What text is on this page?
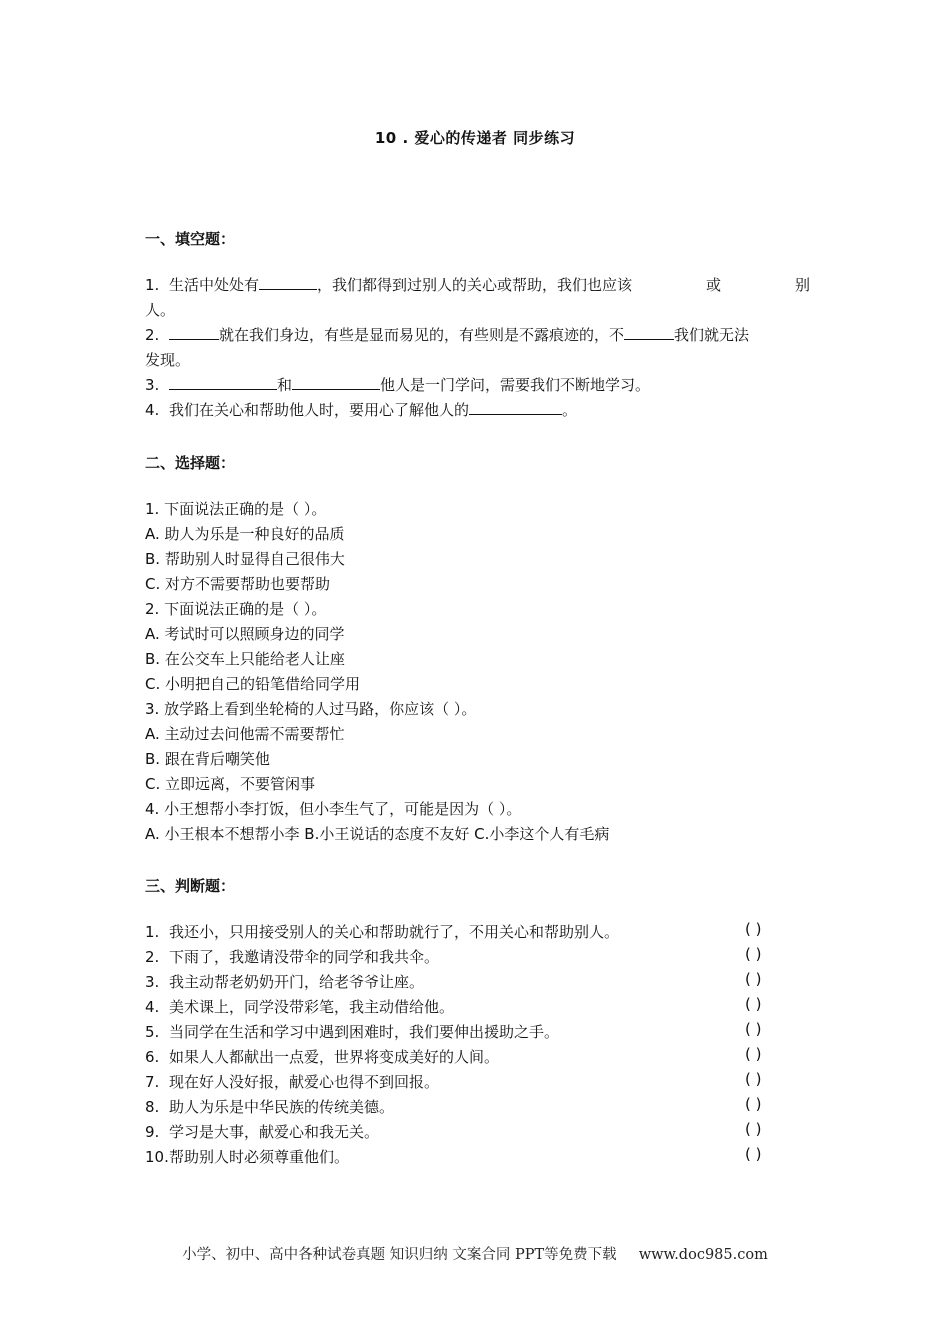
10 . 爱心的传递者 同步练习
一、填空题：
1. 生活中处处有	，我们都得到过别人的关心或帮助，我们也应该	或	别
人。
2.	就在我们身边，有些是显而易见的，有些则是不露痕迹的，不	我们就无法
发现。
3.	和	他人是一门学问，需要我们不断地学习。
4. 我们在关心和帮助他人时，要用心了解他人的	。
二、选择题：
1. 下面说法正确的是（ ）。
A. 助人为乐是一种良好的品质
B. 帮助别人时显得自己很伟大
C. 对方不需要帮助也要帮助
2. 下面说法正确的是（ ）。
A. 考试时可以照顾身边的同学
B. 在公交车上只能给老人让座
C. 小明把自己的铅笔借给同学用
3. 放学路上看到坐轮椅的人过马路，你应该（ ）。
A. 主动过去问他需不需要帮忙
B. 跟在背后嘲笑他
C. 立即远离，不要管闲事
4. 小王想帮小李打饭，但小李生气了，可能是因为（ ）。
A. 小王根本不想帮小李 B.小王说话的态度不友好 C.小李这个人有毛病
三、判断题：
1. 我还小，只用接受别人的关心和帮助就行了，不用关心和帮助别人。	( )
2. 下雨了，我邀请没带伞的同学和我共伞。	( )
3. 我主动帮老奶奶开门，给老爷爷让座。	( )
4. 美术课上，同学没带彩笔，我主动借给他。	( )
5. 当同学在生活和学习中遇到困难时，我们要伸出援助之手。	( )
6. 如果人人都献出一点爱，世界将变成美好的人间。	( )
7. 现在好人没好报，献爱心也得不到回报。	( )
8. 助人为乐是中华民族的传统美德。	( )
9. 学习是大事，献爱心和我无关。	( )
10.帮助别人时必须尊重他们。	( )
小学、初中、高中各种试卷真题 知识归纳 文案合同 PPT等免费下载 www.doc985.com
